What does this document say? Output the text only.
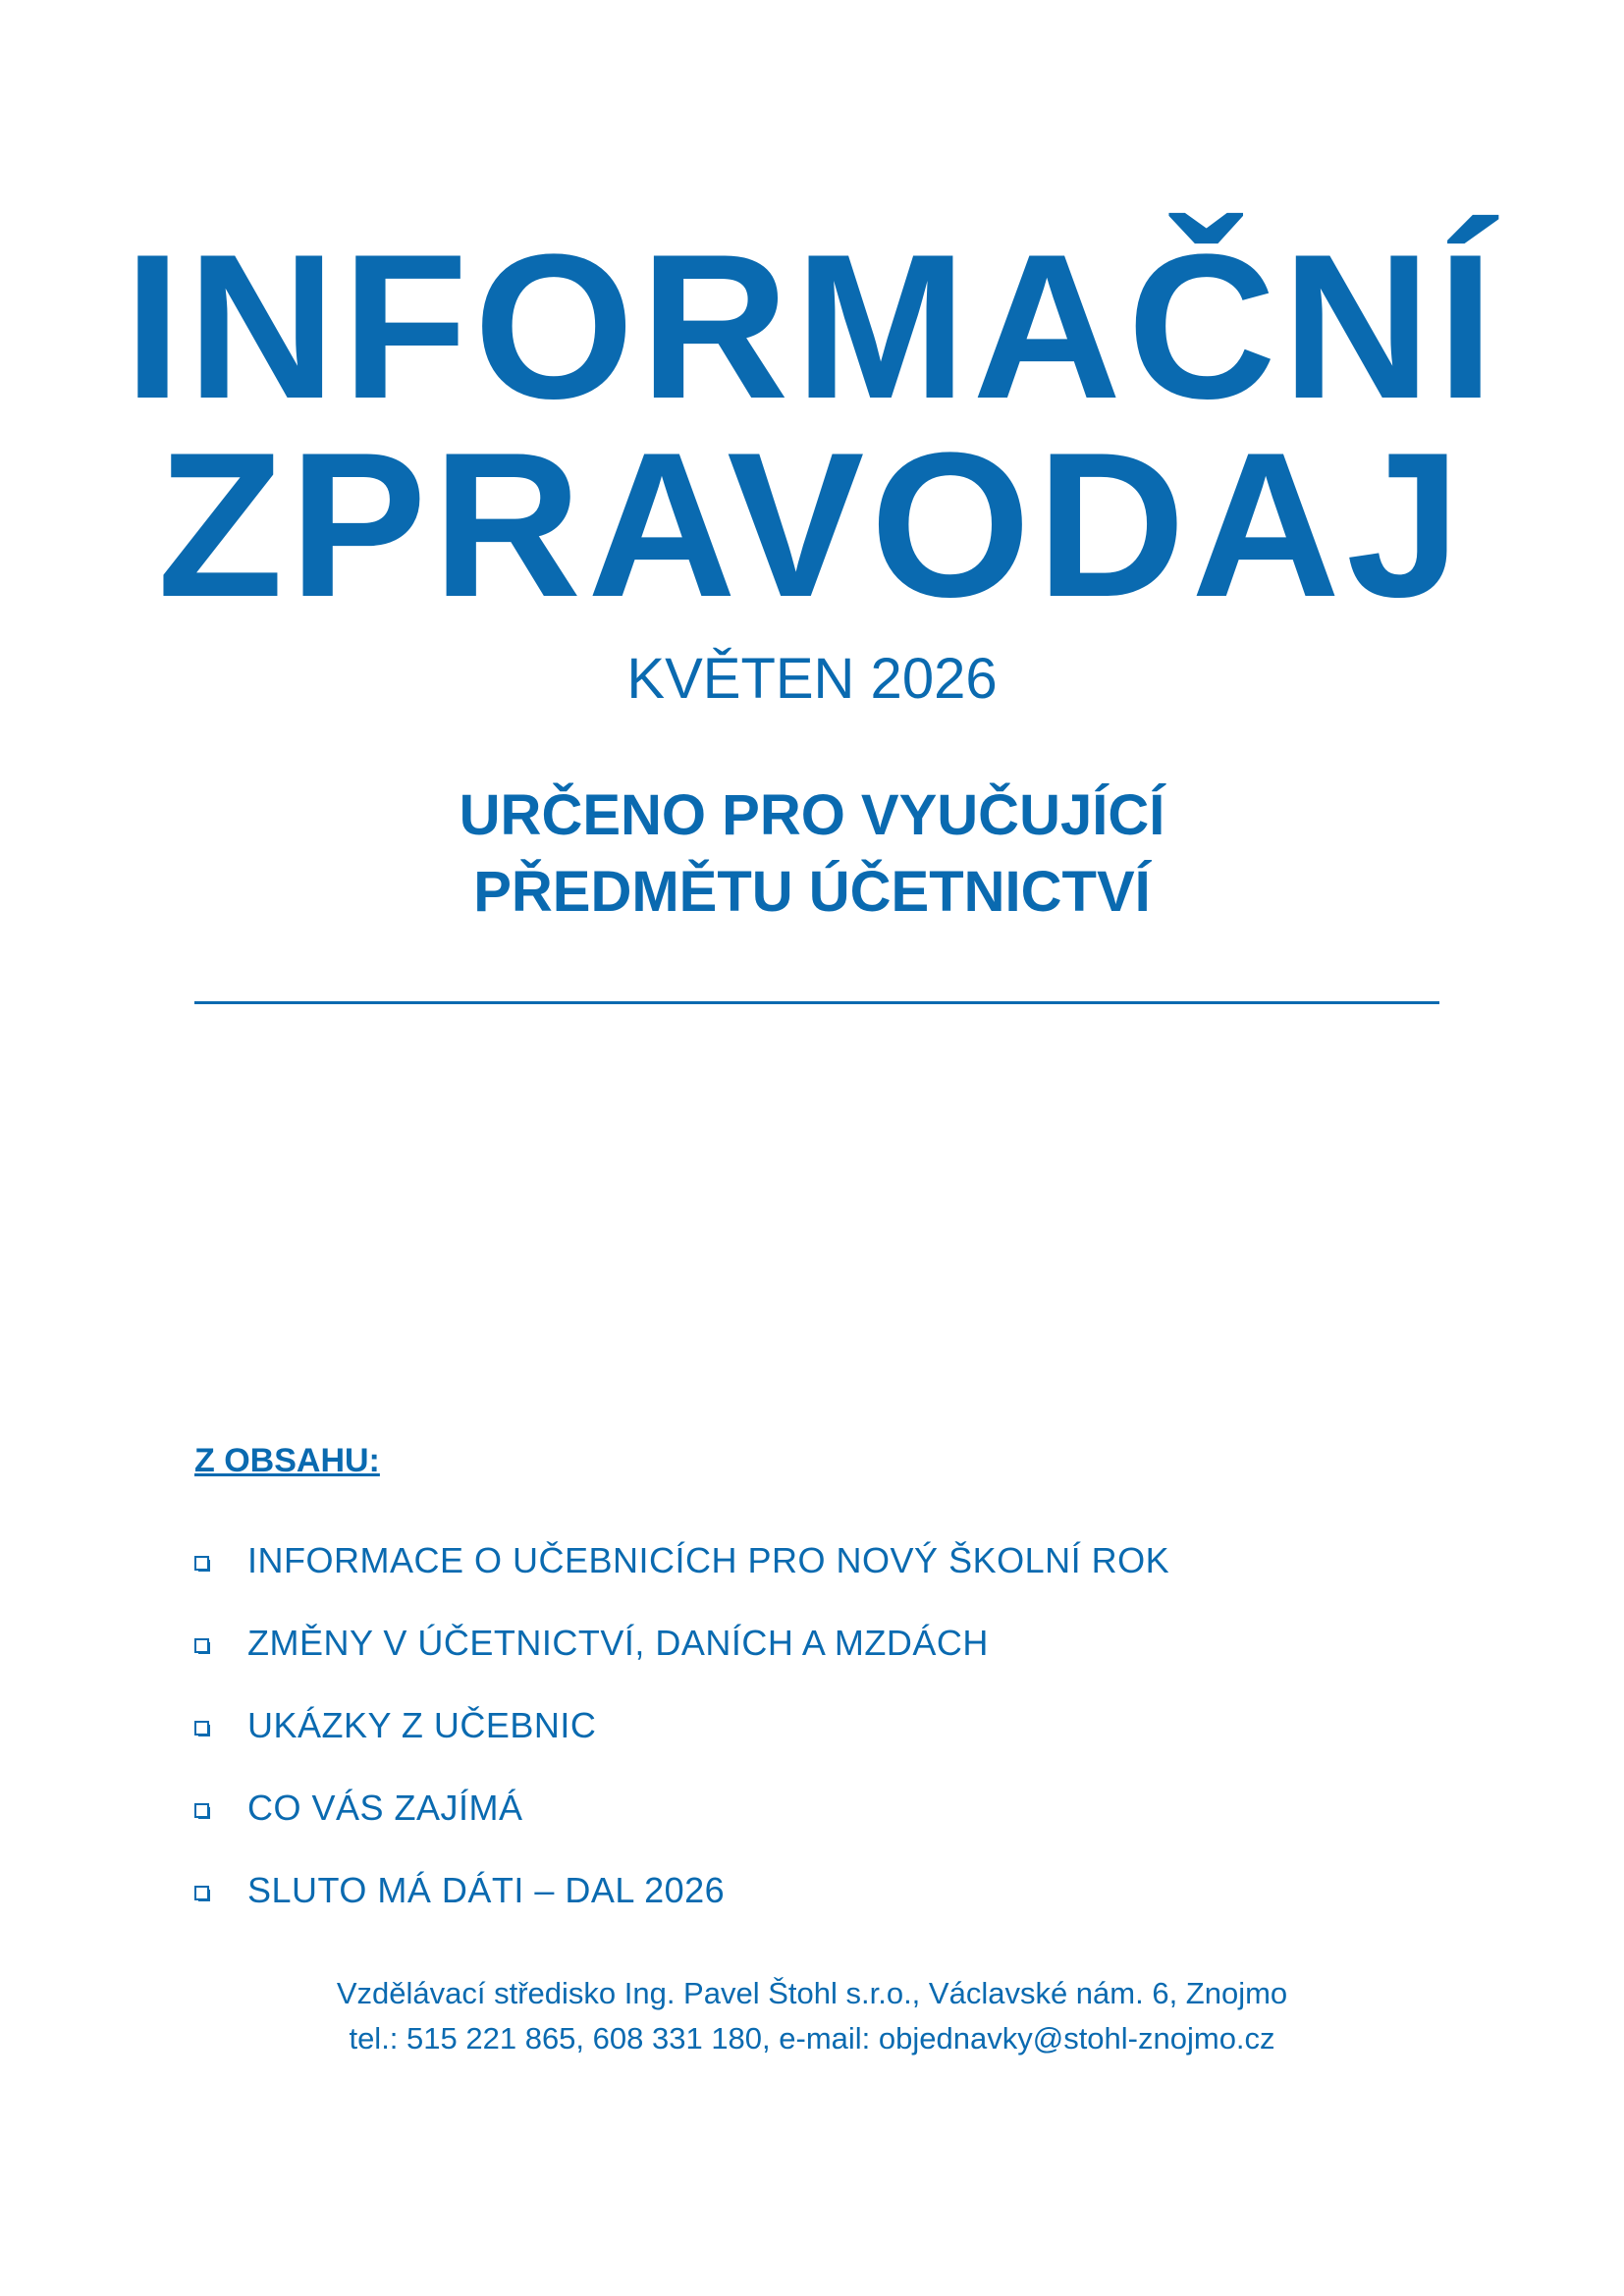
INFORMAČNÍ
ZPRAVODAJ
KVĚTEN 2026
URČENO PRO VYUČUJÍCÍ
PŘEDMĚTU ÚČETNICTVÍ
Z OBSAHU:
INFORMACE O UČEBNICÍCH PRO NOVÝ ŠKOLNÍ ROK
ZMĚNY V ÚČETNICTVÍ, DANÍCH A MZDÁCH
UKÁZKY Z UČEBNIC
CO VÁS ZAJÍMÁ
SLUTO MÁ DÁTI – DAL 2026
Vzdělávací středisko Ing. Pavel Štohl s.r.o., Václavské nám. 6, Znojmo
tel.: 515 221 865, 608 331 180, e-mail: objednavky@stohl-znojmo.cz
